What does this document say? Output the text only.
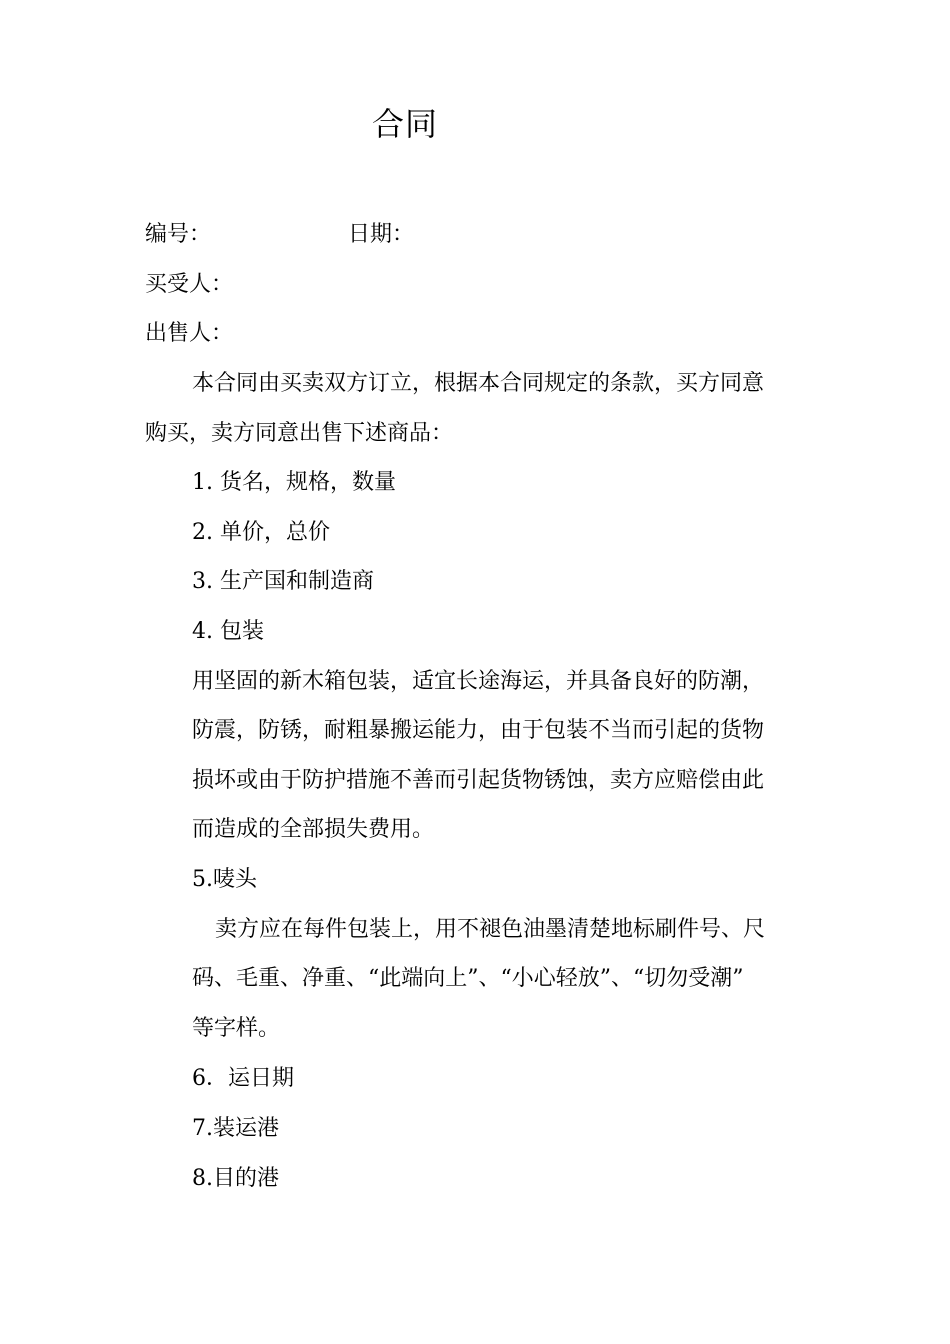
合同
编号：	日期：
买受人：
出售人：
本合同由买卖双方订立，根据本合同规定的条款，买方同意
购买，卖方同意出售下述商品：
1. 货名，规格，数量
2. 单价，总价
3. 生产国和制造商
4. 包装
用坚固的新木箱包装，适宜长途海运，并具备良好的防潮，
防震，防锈，耐粗暴搬运能力，由于包装不当而引起的货物
损坏或由于防护措施不善而引起货物锈蚀，卖方应赔偿由此
而造成的全部损失费用。
5.唛头
卖方应在每件包装上，用不褪色油墨清楚地标刷件号、尺
码、毛重、净重、“此端向上”、“小心轻放”、“切勿受潮”
等字样。
6．运日期
7.装运港
8.目的港
